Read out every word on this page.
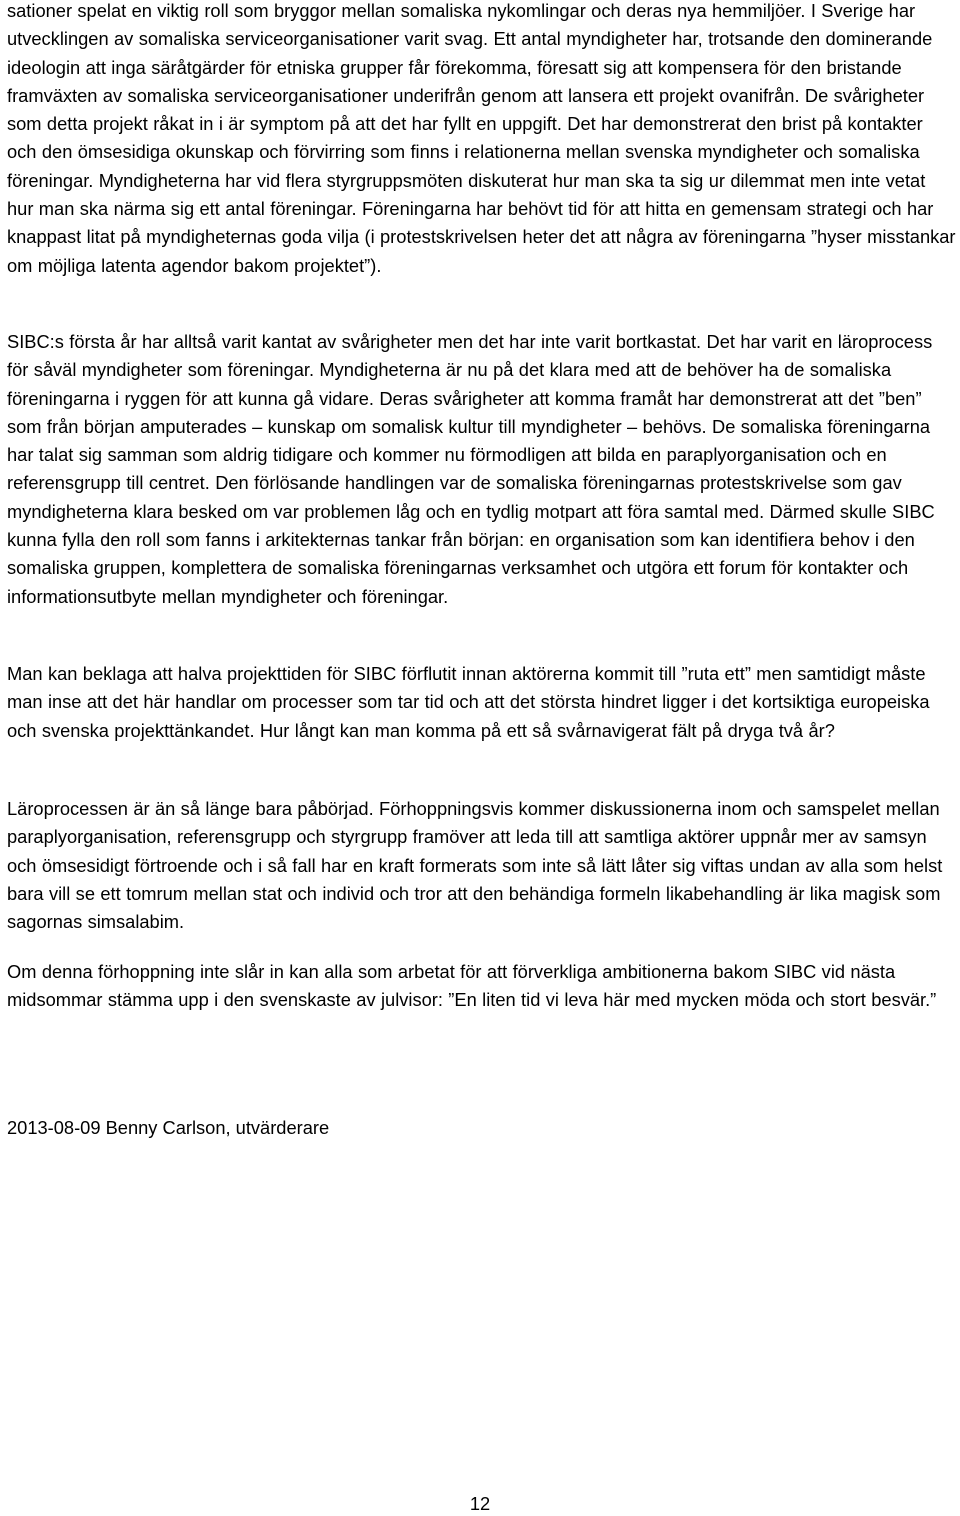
sationer spelat en viktig roll som bryggor mellan somaliska nykomlingar och deras nya hemmiljöer. I Sverige har utvecklingen av somaliska serviceorganisationer varit svag. Ett antal myndigheter har, trotsande den dominerande ideologin att inga säråtgärder för etniska grupper får förekomma, föresatt sig att kompensera för den bristande framväxten av somaliska serviceorganisationer underifrån genom att lansera ett projekt ovanifrån. De svårigheter som detta projekt råkat in i är symptom på att det har fyllt en uppgift. Det har demonstrerat den brist på kontakter och den ömsesidiga okunskap och förvirring som finns i relationerna mellan svenska myndigheter och somaliska föreningar. Myndigheterna har vid flera styrgruppsmöten diskuterat hur man ska ta sig ur dilemmat men inte vetat hur man ska närma sig ett antal föreningar. Föreningarna har behövt tid för att hitta en gemensam strategi och har knappast litat på myndigheternas goda vilja (i protestskrivelsen heter det att några av föreningarna ”hyser misstankar om möjliga latenta agendor bakom projektet”).

SIBC:s första år har alltså varit kantat av svårigheter men det har inte varit bortkastat. Det har varit en läroprocess för såväl myndigheter som föreningar. Myndigheterna är nu på det klara med att de behöver ha de somaliska föreningarna i ryggen för att kunna gå vidare. Deras svårigheter att komma framåt har demonstrerat att det ”ben” som från början amputerades – kunskap om somalisk kultur till myndigheter – behövs. De somaliska föreningarna har talat sig samman som aldrig tidigare och kommer nu förmodligen att bilda en paraplyorganisation och en referensgrupp till centret. Den förlösande handlingen var de somaliska föreningarnas protestskrivelse som gav myndigheterna klara besked om var problemen låg och en tydlig motpart att föra samtal med. Därmed skulle SIBC kunna fylla den roll som fanns i arkitekternas tankar från början: en organisation som kan identifiera behov i den somaliska gruppen, komplettera de somaliska föreningarnas verksamhet och utgöra ett forum för kontakter och informationsutbyte mellan myndigheter och föreningar.

Man kan beklaga att halva projekttiden för SIBC förflutit innan aktörerna kommit till ”ruta ett” men samtidigt måste man inse att det här handlar om processer som tar tid och att det största hindret ligger i det kortsiktiga europeiska och svenska projekttänkandet. Hur långt kan man komma på ett så svårnavigerat fält på dryga två år?

Läroprocessen är än så länge bara påbörjad. Förhoppningsvis kommer diskussionerna inom och samspelet mellan paraplyorganisation, referensgrupp och styrgrupp framöver att leda till att samtliga aktörer uppnår mer av samsyn och ömsesidigt förtroende och i så fall har en kraft formerats som inte så lätt låter sig viftas undan av alla som helst bara vill se ett tomrum mellan stat och individ och tror att den behändiga formeln likabehandling är lika magisk som sagornas simsalabim.

Om denna förhoppning inte slår in kan alla som arbetat för att förverkliga ambitionerna bakom SIBC vid nästa midsommar stämma upp i den svenskaste av julvisor: ”En liten tid vi leva här med mycken möda och stort besvär.”

2013-08-09 Benny Carlson, utvärderare

12
